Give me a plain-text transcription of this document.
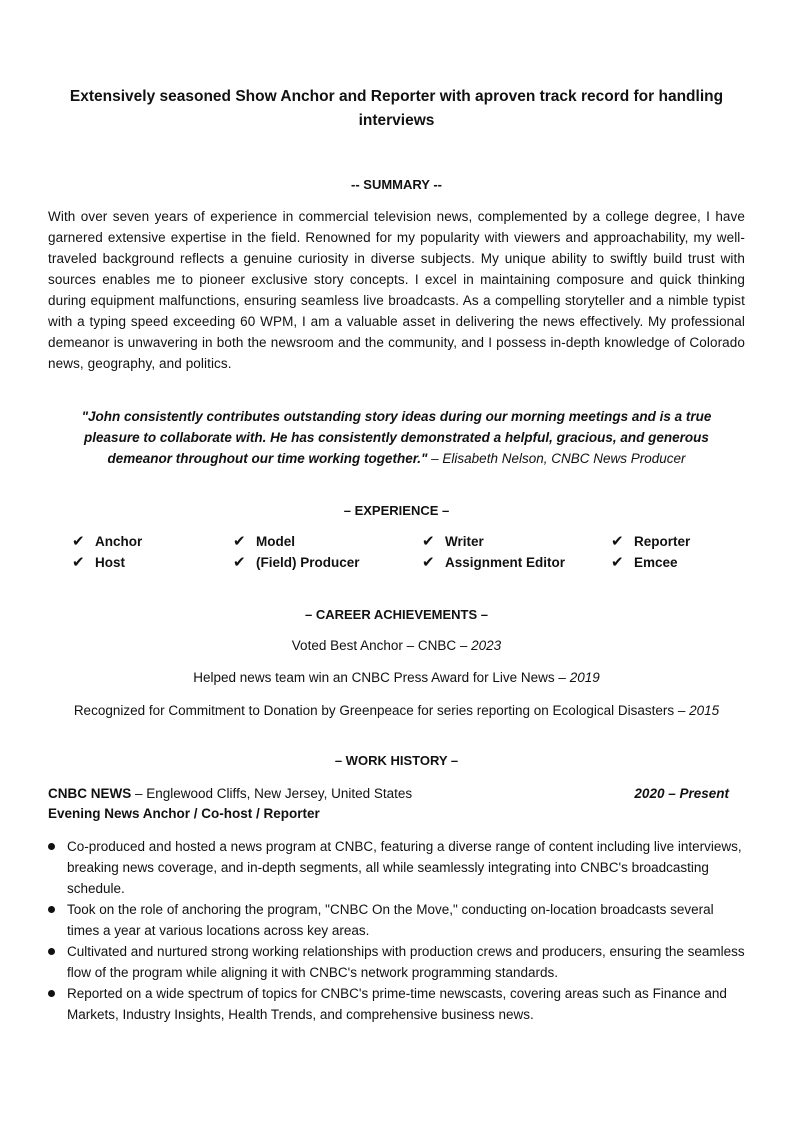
Extensively seasoned Show Anchor and Reporter with aproven track record for handling interviews
-- SUMMARY --
With over seven years of experience in commercial television news, complemented by a college degree, I have garnered extensive expertise in the field. Renowned for my popularity with viewers and approachability, my well-traveled background reflects a genuine curiosity in diverse subjects. My unique ability to swiftly build trust with sources enables me to pioneer exclusive story concepts. I excel in maintaining composure and quick thinking during equipment malfunctions, ensuring seamless live broadcasts. As a compelling storyteller and a nimble typist with a typing speed exceeding 60 WPM, I am a valuable asset in delivering the news effectively. My professional demeanor is unwavering in both the newsroom and the community, and I possess in-depth knowledge of Colorado news, geography, and politics.
"John consistently contributes outstanding story ideas during our morning meetings and is a true pleasure to collaborate with. He has consistently demonstrated a helpful, gracious, and generous demeanor throughout our time working together." – Elisabeth Nelson, CNBC News Producer
– EXPERIENCE –
✔ Anchor	✔ Model	✔ Writer	✔ Reporter
✔ Host	✔ (Field) Producer	✔ Assignment Editor	✔ Emcee
– CAREER ACHIEVEMENTS –
Voted Best Anchor – CNBC – 2023
Helped news team win an CNBC Press Award for Live News – 2019
Recognized for Commitment to Donation by Greenpeace for series reporting on Ecological Disasters – 2015
– WORK HISTORY –
CNBC NEWS – Englewood Cliffs, New Jersey, United States	2020 – Present
Evening News Anchor / Co-host / Reporter
Co-produced and hosted a news program at CNBC, featuring a diverse range of content including live interviews, breaking news coverage, and in-depth segments, all while seamlessly integrating into CNBC's broadcasting schedule.
Took on the role of anchoring the program, "CNBC On the Move," conducting on-location broadcasts several times a year at various locations across key areas.
Cultivated and nurtured strong working relationships with production crews and producers, ensuring the seamless flow of the program while aligning it with CNBC's network programming standards.
Reported on a wide spectrum of topics for CNBC's prime-time newscasts, covering areas such as Finance and Markets, Industry Insights, Health Trends, and comprehensive business news.
